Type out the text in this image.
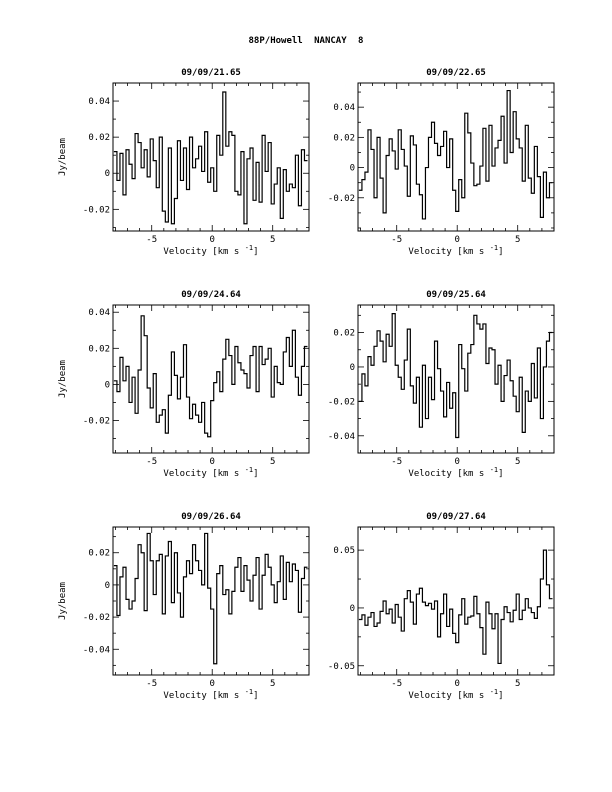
88P/Howell NANCAY 8
-5	0	5
-0.02
0
0.02
0.04
09/09/21.65
Velocity [km s $^{-1}$]
Jy/beam
-5	0	5
-0.02
0
0.02
0.04
09/09/22.65
Velocity [km s $^{-1}$]
-5	0	5
-0.02
0
0.02
0.04
09/09/24.64
Velocity [km s $^{-1}$]
Jy/beam
-5	0	5
-0.04
-0.02
0
0.02
09/09/25.64
Velocity [km s $^{-1}$]
-5	0	5
-0.04
-0.02
0
0.02
09/09/26.64
Velocity [km s $^{-1}$]
Jy/beam
-5	0	5
-0.05
0
0.05
09/09/27.64
Velocity [km s $^{-1}$]
